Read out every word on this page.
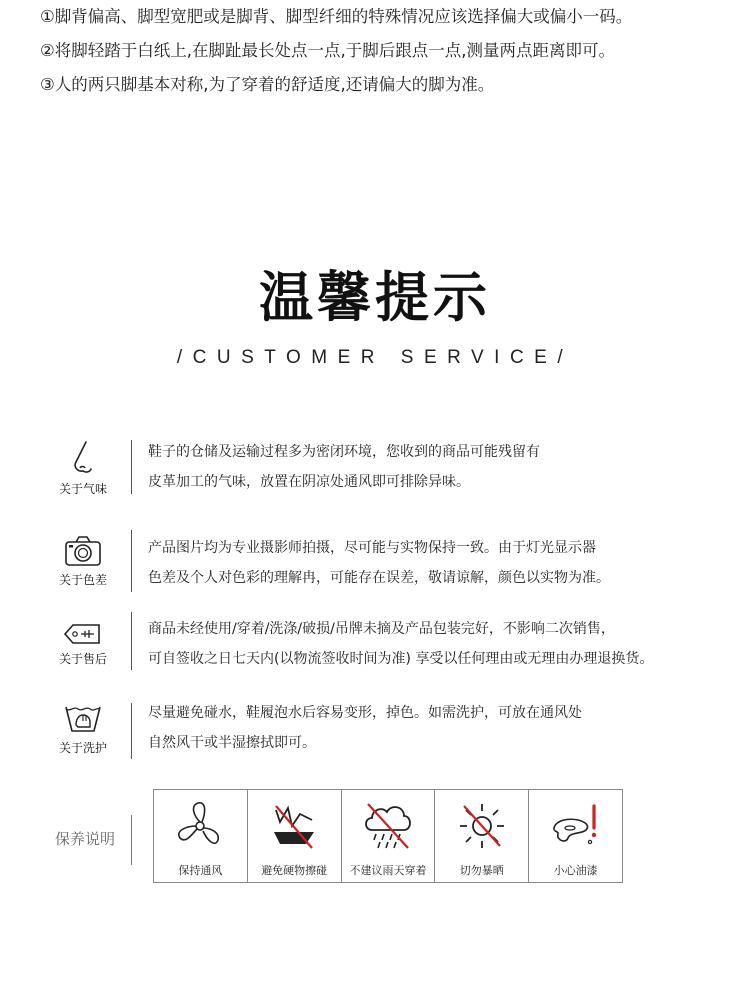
①脚背偏高、脚型宽肥或是脚背、脚型纤细的特殊情况应该选择偏大或偏小一码。
②将脚轻踏于白纸上,在脚趾最长处点一点,于脚后跟点一点,测量两点距离即可。
③人的两只脚基本对称,为了穿着的舒适度,还请偏大的脚为准。
温馨提示
/CUSTOMER SERVICE/
关于气味
鞋子的仓储及运输过程多为密闭环境，您收到的商品可能残留有
皮革加工的气味，放置在阴凉处通风即可排除异味。
关于色差
产品图片均为专业摄影师拍摄，尽可能与实物保持一致。由于灯光显示器
色差及个人对色彩的理解冉，可能存在误差，敬请谅解，颜色以实物为准。
关于售后
商品未经使用/穿着/洗涤/破损/吊牌未摘及产品包装完好，不影响二次销售，
可自签收之日七天内(以物流签收时间为准) 享受以任何理由或无理由办理退换货。
关于洗护
尽量避免碰水，鞋履泡水后容易变形，掉色。如需洗护，可放在通风处
自然风干或半湿擦拭即可。
保养说明
保持通风	避免硬物擦碰	不建议雨天穿着	切勿暴晒	小心油漆
